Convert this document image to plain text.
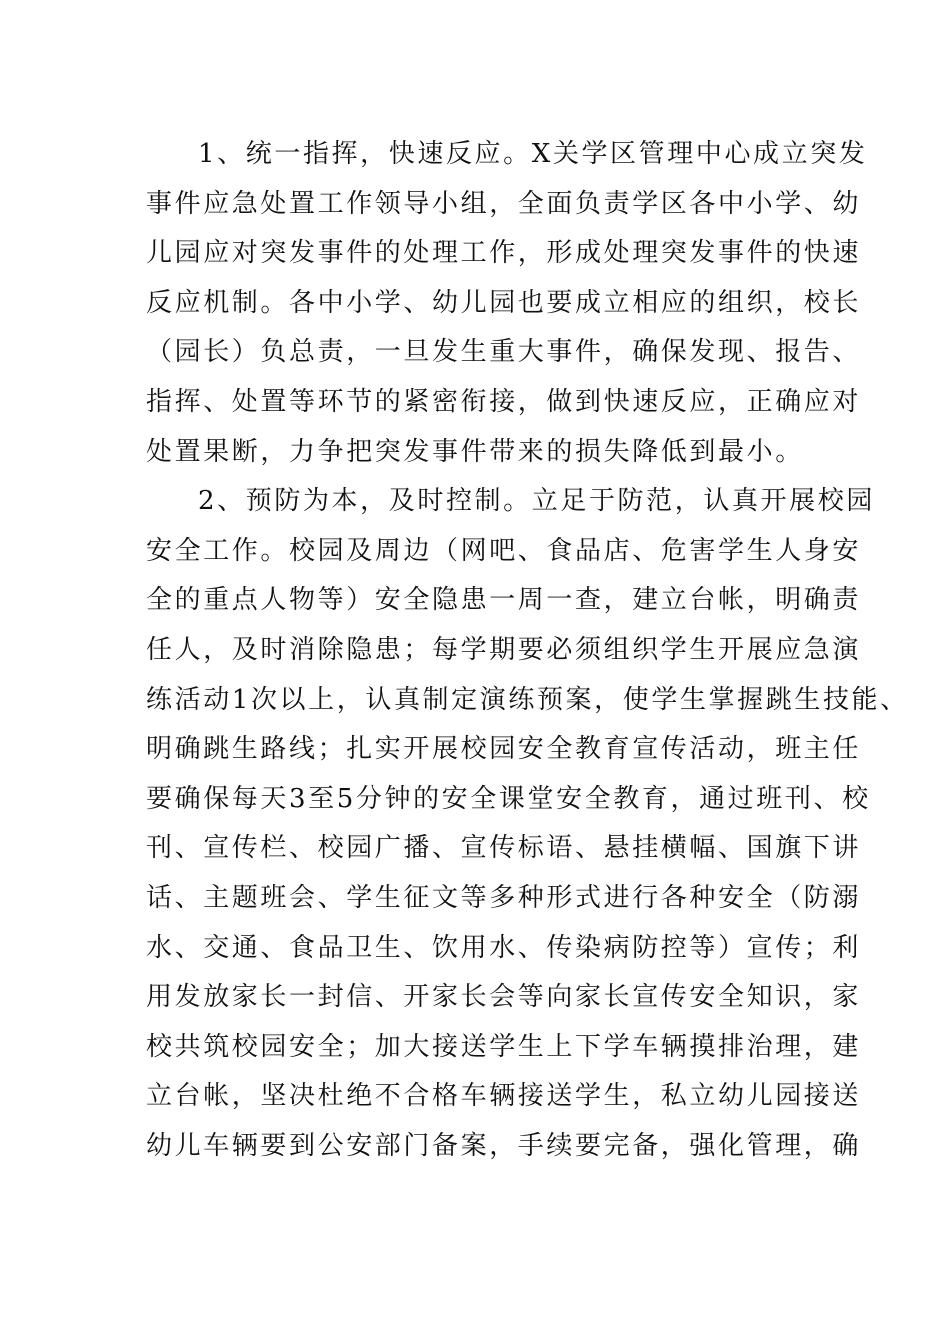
1、统一指挥，快速反应。X关学区管理中心成立突发
事件应急处置工作领导小组，全面负责学区各中小学、幼
儿园应对突发事件的处理工作，形成处理突发事件的快速
反应机制。各中小学、幼儿园也要成立相应的组织，校长
（园长）负总责，一旦发生重大事件，确保发现、报告、
指挥、处置等环节的紧密衔接，做到快速反应，正确应对
处置果断，力争把突发事件带来的损失降低到最小。
2、预防为本，及时控制。立足于防范，认真开展校园
安全工作。校园及周边（网吧、食品店、危害学生人身安
全的重点人物等）安全隐患一周一查，建立台帐，明确责
任人，及时消除隐患；每学期要必须组织学生开展应急演
练活动1次以上，认真制定演练预案，使学生掌握跳生技能、
明确跳生路线；扎实开展校园安全教育宣传活动，班主任
要确保每天3至5分钟的安全课堂安全教育，通过班刊、校
刊、宣传栏、校园广播、宣传标语、悬挂横幅、国旗下讲
话、主题班会、学生征文等多种形式进行各种安全（防溺
水、交通、食品卫生、饮用水、传染病防控等）宣传；利
用发放家长一封信、开家长会等向家长宣传安全知识，家
校共筑校园安全；加大接送学生上下学车辆摸排治理，建
立台帐，坚决杜绝不合格车辆接送学生，私立幼儿园接送
幼儿车辆要到公安部门备案，手续要完备，强化管理，确
